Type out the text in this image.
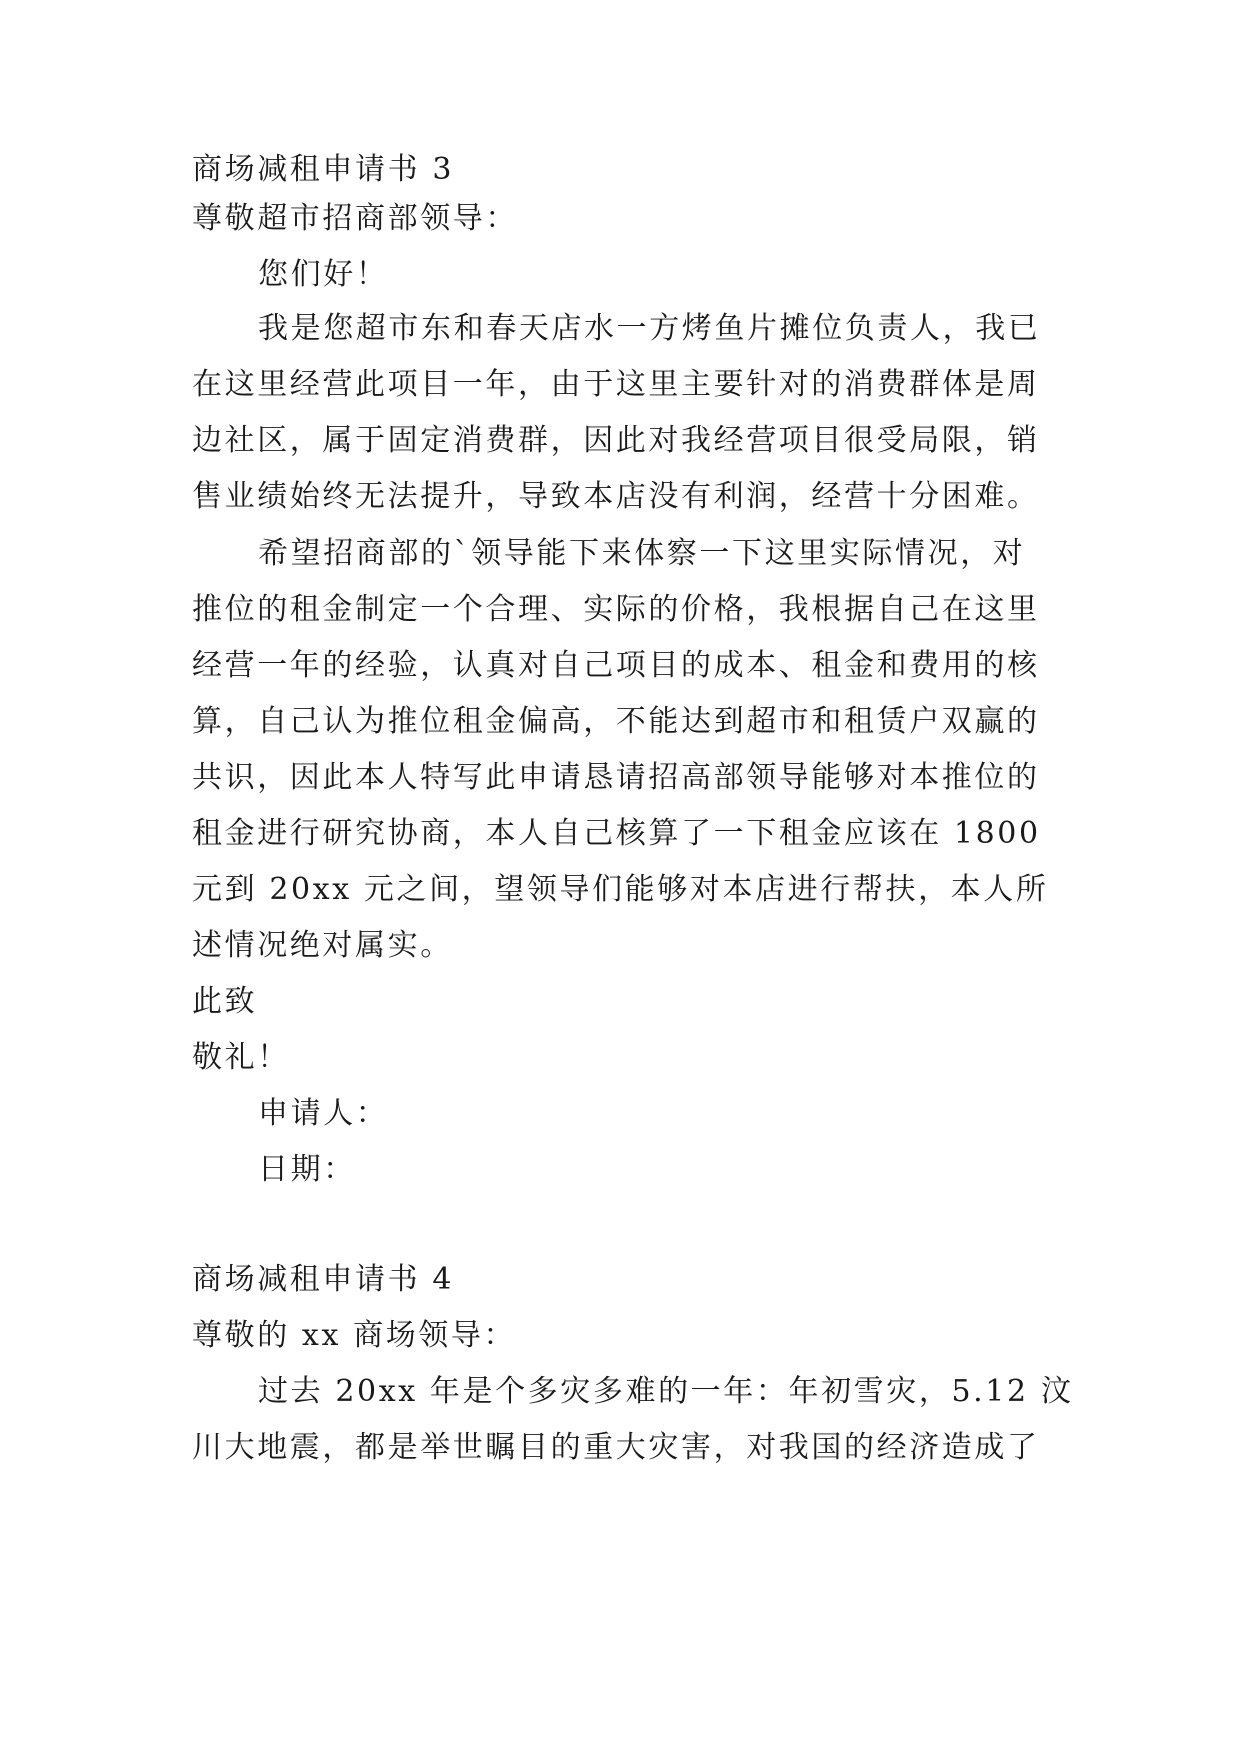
商场减租申请书 3
尊敬超市招商部领导：
您们好！
我是您超市东和春天店水一方烤鱼片摊位负责人，我已
在这里经营此项目一年，由于这里主要针对的消费群体是周
边社区，属于固定消费群，因此对我经营项目很受局限，销
售业绩始终无法提升，导致本店没有利润，经营十分困难。
希望招商部的`领导能下来体察一下这里实际情况，对
推位的租金制定一个合理、实际的价格，我根据自己在这里
经营一年的经验，认真对自己项目的成本、租金和费用的核
算，自己认为推位租金偏高，不能达到超市和租赁户双赢的
共识，因此本人特写此申请恳请招高部领导能够对本推位的
租金进行研究协商，本人自己核算了一下租金应该在 1800
元到 20xx 元之间，望领导们能够对本店进行帮扶，本人所
述情况绝对属实。
此致
敬礼！
申请人：
日期：
商场减租申请书 4
尊敬的 xx 商场领导：
过去 20xx 年是个多灾多难的一年：年初雪灾，5.12 汶
川大地震，都是举世瞩目的重大灾害，对我国的经济造成了
